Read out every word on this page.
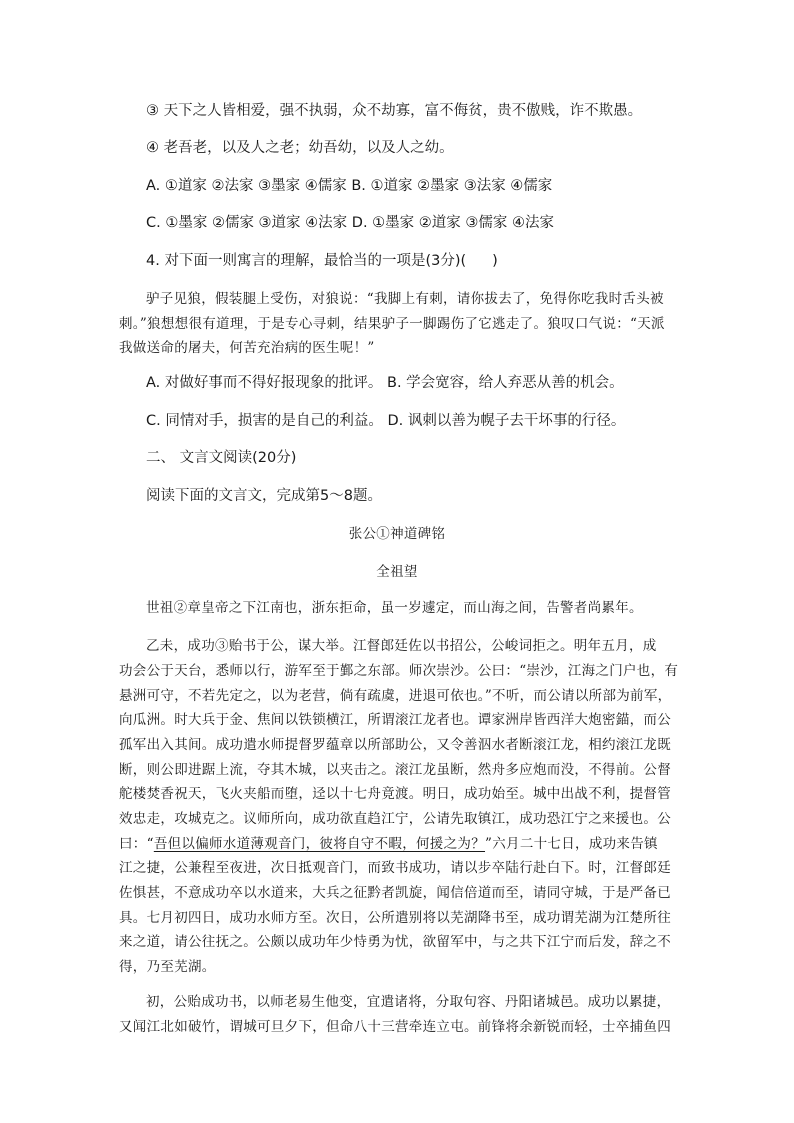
③ 天下之人皆相爱，强不执弱，众不劫寡，富不侮贫，贵不傲贱，诈不欺愚。
④ 老吾老，以及人之老；幼吾幼，以及人之幼。
A. ①道家 ②法家 ③墨家 ④儒家 B. ①道家 ②墨家 ③法家 ④儒家
C. ①墨家 ②儒家 ③道家 ④法家 D. ①墨家 ②道家 ③儒家 ④法家
4. 对下面一则寓言的理解，最恰当的一项是(3分)( )
驴子见狼，假装腿上受伤，对狼说：“我脚上有刺，请你拔去了，免得你吃我时舌头被
刺。”狼想想很有道理，于是专心寻刺，结果驴子一脚踢伤了它逃走了。狼叹口气说：“天派
我做送命的屠夫，何苦充治病的医生呢！”
A. 对做好事而不得好报现象的批评。 B. 学会宽容，给人弃恶从善的机会。
C. 同情对手，损害的是自己的利益。 D. 讽刺以善为幌子去干坏事的行径。
二、 文言文阅读(20分)
阅读下面的文言文，完成第5～8题。
张公①神道碑铭
全祖望
世祖②章皇帝之下江南也，浙东拒命，虽一岁遽定，而山海之间，告警者尚累年。
乙未，成功③贻书于公，谋大举。江督郎廷佐以书招公，公峻词拒之。明年五月，成
功会公于天台，悉师以行，游军至于鄞之东部。师次崇沙。公曰：“崇沙，江海之门户也，有
悬洲可守，不若先定之，以为老营，倘有疏虞，进退可依也。”不听，而公请以所部为前军，
向瓜洲。时大兵于金、焦间以铁锁横江，所谓滚江龙者也。谭家洲岸皆西洋大炮密錨，而公
孤军出入其间。成功遣水师提督罗蕴章以所部助公，又令善泅水者断滚江龙，相约滚江龙既
断，则公即进踞上流，夺其木城，以夹击之。滚江龙虽断，然舟多应炮而没，不得前。公督
舵楼焚香祝天，飞火夹船而堕，迳以十七舟竟渡。明日，成功始至。城中出战不利，提督管
效忠走，攻城克之。议师所向，成功欲直趋江宁，公请先取镇江，成功恐江宁之来援也。公
曰：“吾但以偏师水道薄观音门，彼将自守不暇，何援之为？”六月二十七日，成功来告镇
江之捷，公兼程至夜进，次日抵观音门，而致书成功，请以步卒陆行赴白下。时，江督郎廷
佐惧甚，不意成功卒以水道来，大兵之征黔者凯旋，闻信倍道而至，请同守城，于是严备已
具。七月初四日，成功水师方至。次日，公所遣别将以芜湖降书至，成功谓芜湖为江楚所往
来之道，请公往抚之。公颇以成功年少恃勇为忧，欲留军中，与之共下江宁而后发，辞之不
得，乃至芜湖。
初，公贻成功书，以师老易生他变，宜遣诸将，分取句容、丹阳诸城邑。成功以累捷，
又闻江北如破竹，谓城可旦夕下，但命八十三营牵连立屯。前锋将余新锐而轻，士卒捕鱼四
